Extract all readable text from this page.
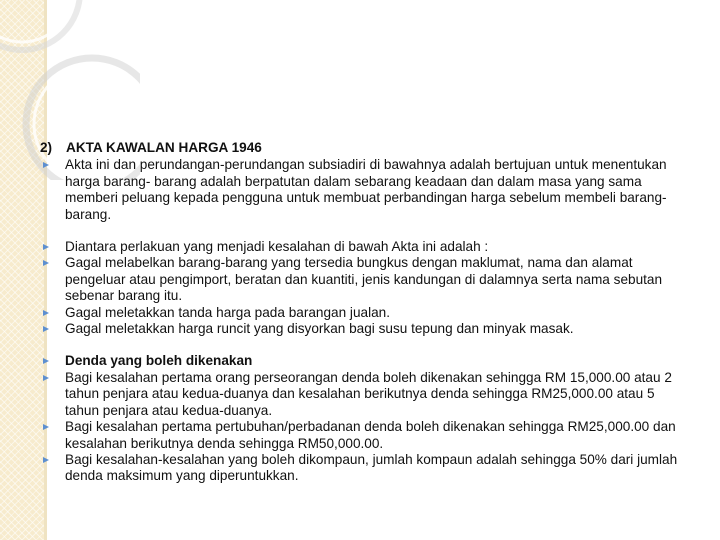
2)	AKTA KAWALAN HARGA 1946
Akta ini dan perundangan-perundangan subsiadiri di bawahnya adalah bertujuan untuk menentukan harga barang- barang adalah berpatutan dalam sebarang keadaan dan dalam masa yang sama memberi peluang kepada pengguna untuk membuat perbandingan harga sebelum membeli barang-barang.
Diantara perlakuan yang menjadi kesalahan di bawah Akta ini adalah :
Gagal melabelkan barang-barang yang tersedia bungkus dengan maklumat, nama dan alamat pengeluar atau pengimport, beratan dan kuantiti, jenis kandungan di dalamnya serta nama sebutan sebenar barang itu.
Gagal meletakkan tanda harga pada barangan jualan.
Gagal meletakkan harga runcit yang disyorkan bagi susu tepung dan minyak masak.
Denda yang boleh dikenakan
Bagi kesalahan pertama orang perseorangan denda boleh dikenakan sehingga RM 15,000.00 atau 2 tahun penjara atau kedua-duanya dan kesalahan berikutnya denda sehingga RM25,000.00 atau 5 tahun penjara atau kedua-duanya.
Bagi kesalahan pertama pertubuhan/perbadanan denda boleh dikenakan sehingga RM25,000.00 dan kesalahan berikutnya denda sehingga RM50,000.00.
Bagi kesalahan-kesalahan yang boleh dikompaun, jumlah kompaun adalah sehingga 50% dari jumlah denda maksimum yang diperuntukkan.
